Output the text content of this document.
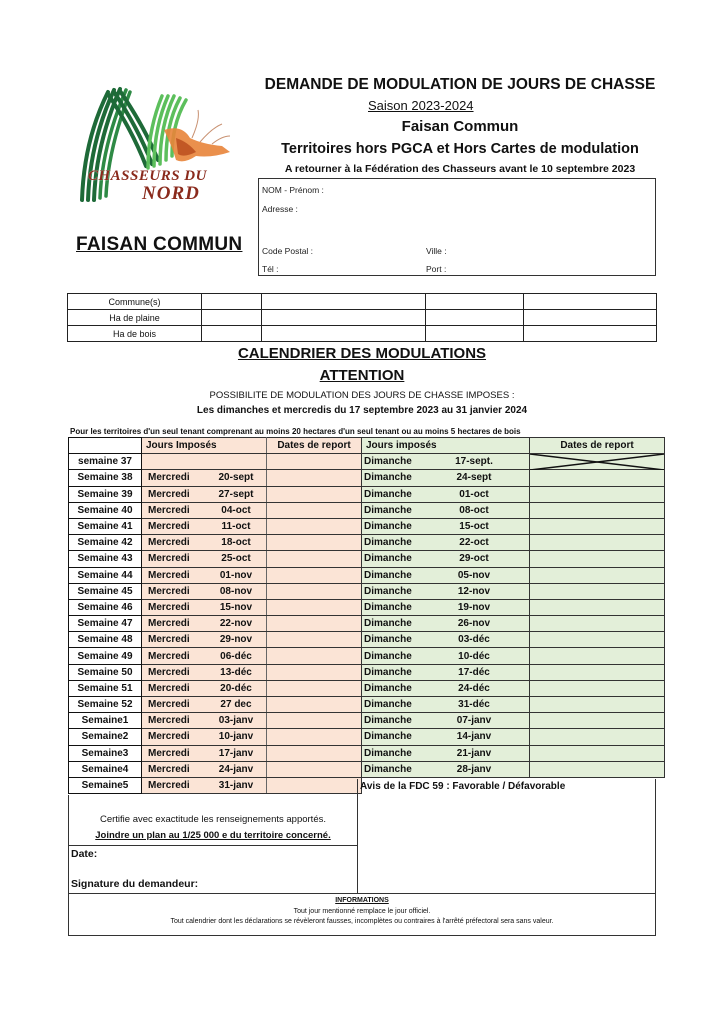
CHASSEURS DU
NORD
FAISAN COMMUN
DEMANDE DE MODULATION DE JOURS DE CHASSE
Saison 2023-2024
Faisan Commun
Territoires hors PGCA et Hors Cartes de modulation
A retourner à la Fédération des Chasseurs avant le 10 septembre 2023
NOM - Prénom :
Adresse :
Code Postal :	Ville :
Tél :	Port :
Commune(s)				
Ha de plaine				
Ha de bois				
CALENDRIER DES MODULATIONS
ATTENTION
POSSIBILITE DE MODULATION DES JOURS DE CHASSE IMPOSES :
Les dimanches et mercredis du 17 septembre 2023 au 31 janvier 2024
Pour les territoires d'un seul tenant comprenant au moins 20 hectares d'un seul tenant ou au moins 5 hectares de bois
	Jours Imposés	Dates de report	Jours imposés	Dates de report
semaine 37			Dimanche 17-sept.	

Semaine 38	Mercredi 20-sept		Dimanche 24-sept	
Semaine 39	Mercredi 27-sept		Dimanche 01-oct	
Semaine 40	Mercredi 04-oct		Dimanche 08-oct	
Semaine 41	Mercredi 11-oct		Dimanche 15-oct	
Semaine 42	Mercredi 18-oct		Dimanche 22-oct	
Semaine 43	Mercredi 25-oct		Dimanche 29-oct	
Semaine 44	Mercredi 01-nov		Dimanche 05-nov	
Semaine 45	Mercredi 08-nov		Dimanche 12-nov	
Semaine 46	Mercredi 15-nov		Dimanche 19-nov	
Semaine 47	Mercredi 22-nov		Dimanche 26-nov	
Semaine 48	Mercredi 29-nov		Dimanche 03-déc	
Semaine 49	Mercredi 06-déc		Dimanche 10-déc	
Semaine 50	Mercredi 13-déc		Dimanche 17-déc	
Semaine 51	Mercredi 20-déc		Dimanche 24-déc	
Semaine 52	Mercredi 27 dec		Dimanche 31-déc	
Semaine1	Mercredi 03-janv		Dimanche 07-janv	
Semaine2	Mercredi 10-janv		Dimanche 14-janv	
Semaine3	Mercredi 17-janv		Dimanche 21-janv	
Semaine4	Mercredi 24-janv		Dimanche 28-janv	
Semaine5	Mercredi 31-janv				Avis de la FDC 59 : Favorable / Défavorable
Certifie avec exactitude les renseignements apportés.
Joindre un plan au 1/25 000 e du territoire concerné.
Date:
Signature du demandeur:
INFORMATIONS
Tout jour mentionné remplace le jour officiel.
Tout calendrier dont les déclarations se révèleront fausses, incomplètes ou contraires à l'arrêté préfectoral sera sans valeur.
